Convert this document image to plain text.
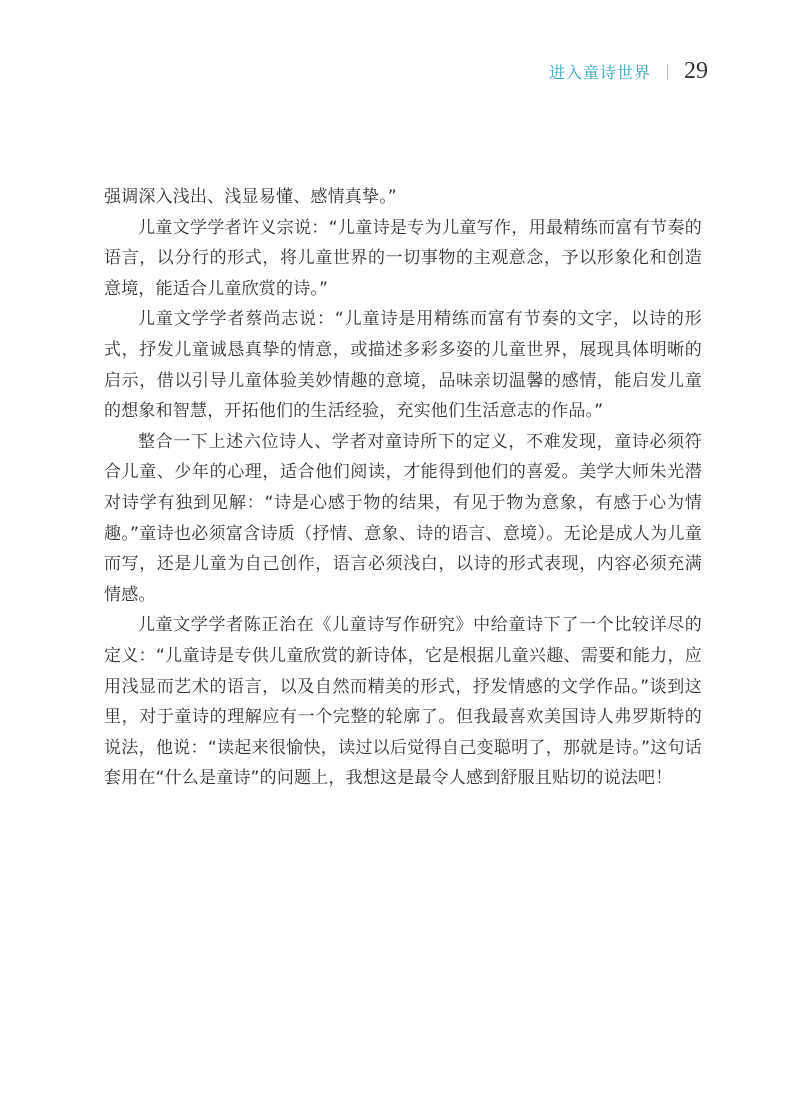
进入童诗世界 29

强调深入浅出、浅显易懂、感情真挚。”

儿童文学学者许义宗说：“儿童诗是专为儿童写作，用最精练而富有节奏的语言，以分行的形式，将儿童世界的一切事物的主观意念，予以形象化和创造意境，能适合儿童欣赏的诗。”

儿童文学学者蔡尚志说：“儿童诗是用精练而富有节奏的文字，以诗的形式，抒发儿童诚恳真挚的情意，或描述多彩多姿的儿童世界，展现具体明晰的启示，借以引导儿童体验美妙情趣的意境，品味亲切温馨的感情，能启发儿童的想象和智慧，开拓他们的生活经验，充实他们生活意志的作品。”

整合一下上述六位诗人、学者对童诗所下的定义，不难发现，童诗必须符合儿童、少年的心理，适合他们阅读，才能得到他们的喜爱。美学大师朱光潜对诗学有独到见解：“诗是心感于物的结果，有见于物为意象，有感于心为情趣。”童诗也必须富含诗质（抒情、意象、诗的语言、意境）。无论是成人为儿童而写，还是儿童为自己创作，语言必须浅白，以诗的形式表现，内容必须充满情感。

儿童文学学者陈正治在《儿童诗写作研究》中给童诗下了一个比较详尽的定义：“儿童诗是专供儿童欣赏的新诗体，它是根据儿童兴趣、需要和能力，应用浅显而艺术的语言，以及自然而精美的形式，抒发情感的文学作品。”谈到这里，对于童诗的理解应有一个完整的轮廓了。但我最喜欢美国诗人弗罗斯特的说法，他说：“读起来很愉快，读过以后觉得自己变聪明了，那就是诗。”这句话套用在“什么是童诗”的问题上，我想这是最令人感到舒服且贴切的说法吧！
